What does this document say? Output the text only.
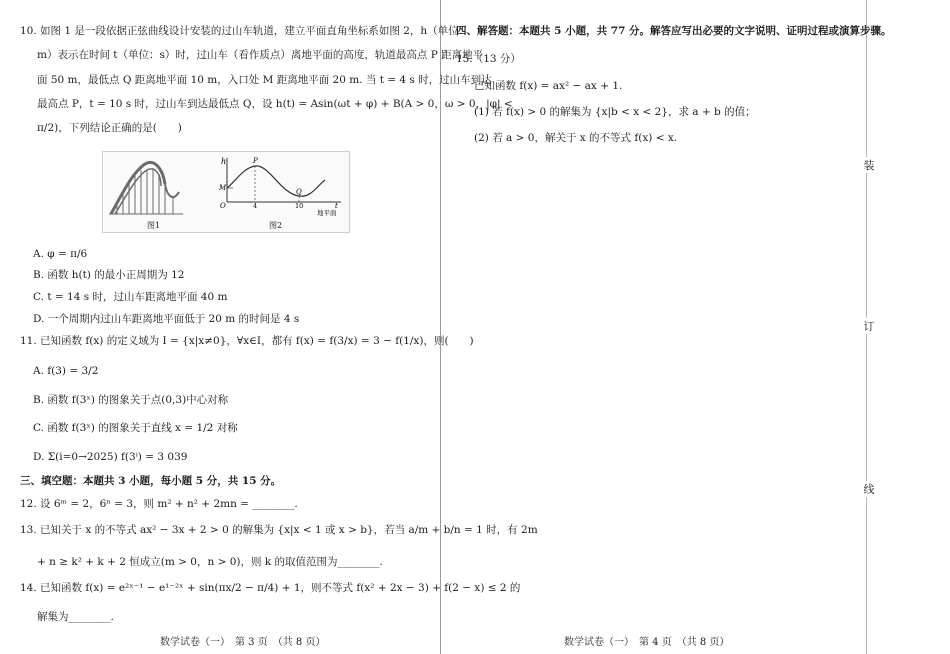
装
订
线
10. 如图 1 是一段依据正弦曲线设计安装的过山车轨道，建立平面直角坐标系如图 2，h（单位：
m）表示在时间 t（单位：s）时，过山车（看作质点）离地平面的高度，轨道最高点 P 距离地平
面 50 m，最低点 Q 距离地平面 10 m，入口处 M 距离地平面 20 m. 当 t = 4 s 时，过山车到达
最高点 P，t = 10 s 时，过山车到达最低点 Q，设 h(t) = Asin(ωt + φ) + B(A > 0，ω > 0，|φ| <
π/2)，下列结论正确的是(　　)
h	P
M	Q
O	4	10	t
地平面
图1	图2
A. φ = π/6
B. 函数 h(t) 的最小正周期为 12
C. t = 14 s 时，过山车距离地平面 40 m
D. 一个周期内过山车距离地平面低于 20 m 的时间是 4 s
11. 已知函数 f(x) 的定义域为 I = {x|x≠0}，∀x∈I，都有 f(x) = f(3/x) = 3 − f(1/x)，则(　　)
A. f(3) = 3/2
B. 函数 f(3ˣ) 的图象关于点(0,3)中心对称
C. 函数 f(3ˣ) 的图象关于直线 x = 1/2 对称
D. Σ(i=0→2025) f(3ⁱ) = 3 039
三、填空题：本题共 3 小题，每小题 5 分，共 15 分。
12. 设 6ᵐ = 2，6ⁿ = 3，则 m² + n² + 2mn = ________.
13. 已知关于 x 的不等式 ax² − 3x + 2 > 0 的解集为 {x|x < 1 或 x > b}，若当 a/m + b/n = 1 时，有 2m
+ n ≥ k² + k + 2 恒成立(m > 0，n > 0)，则 k 的取值范围为________.
14. 已知函数 f(x) = e²ˣ⁻¹ − e¹⁻²ˣ + sin(πx/2 − π/4) + 1，则不等式 f(x² + 2x − 3) + f(2 − x) ≤ 2 的
解集为________.
数学试卷（一）　第 3 页　（共 8 页）
四、解答题：本题共 5 小题，共 77 分。解答应写出必要的文字说明、证明过程或演算步骤。
15.（13 分）
已知函数 f(x) = ax² − ax + 1.
(1) 若 f(x) > 0 的解集为 {x|b < x < 2}，求 a + b 的值；
(2) 若 a > 0，解关于 x 的不等式 f(x) < x.
数学试卷（一）　第 4 页　（共 8 页）
